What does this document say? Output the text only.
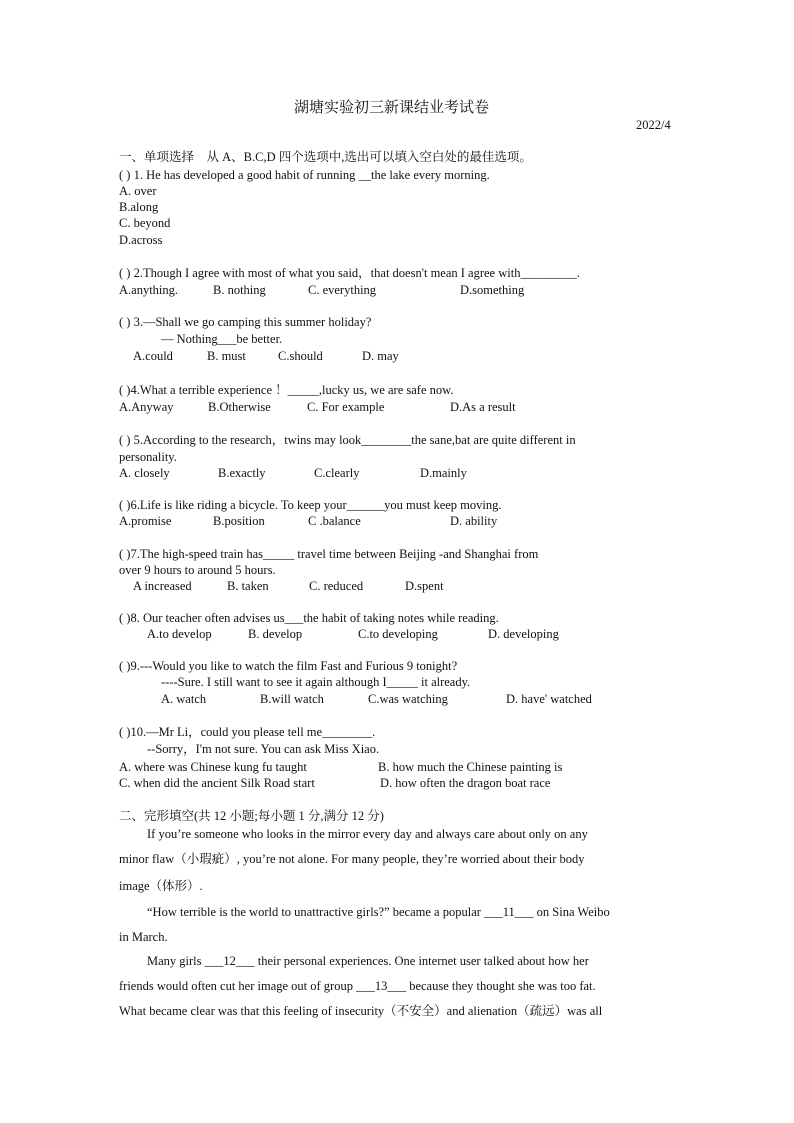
湖塘实验初三新课结业考试卷
2022/4
一、单项选择　从 A、B.C,D 四个选项中,选出可以填入空白处的最佳选项。
( ) 1. He has developed a good habit of running __the lake every morning.
A. over
B.along
C. beyond
D.across
( ) 2.Though I agree with most of what you said，that doesn't mean I agree with_________.
A.anything.	B. nothing	C. everything	D.something
( ) 3.—Shall we go camping this summer holiday?
— Nothing___be better.
A.could	B. must	C.should	D. may
( )4.What a terrible experience ！_____,lucky us, we are safe now.
A.Anyway	B.Otherwise	C. For example	D.As a result
( ) 5.According to the research，twins may look________the sane,bat are quite different in
personality.
A. closely	B.exactly	C.clearly	D.mainly
( )6.Life is like riding a bicycle. To keep your______you must keep moving.
A.promise	B.position	C .balance	D. ability
( )7.The high-speed train has_____ travel time between Beijing -and Shanghai from
over 9 hours to around 5 hours.
A increased	B. taken	C. reduced	D.spent
( )8. Our teacher often advises us___the habit of taking notes while reading.
A.to develop	B. develop	C.to developing	D. developing
( )9.---Would you like to watch the film Fast and Furious 9 tonight?
----Sure. I still want to see it again although I_____ it already.
A. watch	B.will watch	C.was watching	D. have' watched
( )10.—Mr Li，could you please tell me________.
--Sorry，I'm not sure. You can ask Miss Xiao.
A. where was Chinese kung fu taught	B. how much the Chinese painting is
C. when did the ancient Silk Road start	D. how often the dragon boat race
二、完形填空(共 12 小题;每小题 1 分,满分 12 分)
If you’re someone who looks in the mirror every day and always care about only on any
minor flaw（小瑕疵）, you’re not alone. For many people, they’re worried about their body
image（体形）.
“How terrible is the world to unattractive girls?” became a popular ___11___ on Sina Weibo
in March.
Many girls ___12___ their personal experiences. One internet user talked about how her
friends would often cut her image out of group ___13___ because they thought she was too fat.
What became clear was that this feeling of insecurity（不安全）and alienation（疏远）was all
